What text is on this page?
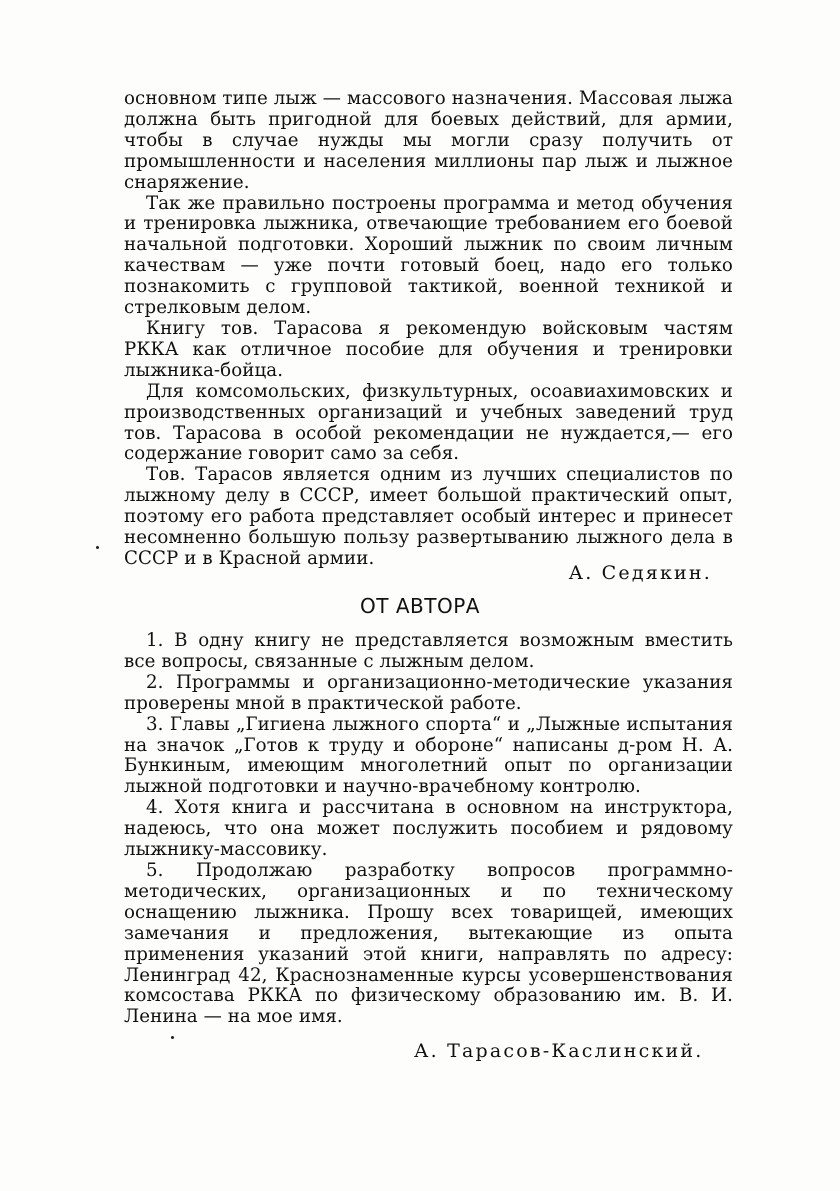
основном типе лыж — массового назначения. Массовая лыжа должна быть пригодной для боевых действий, для армии, чтобы в случае нужды мы могли сразу получить от промышленности и населения миллионы пар лыж и лыжное снаряжение.

Так же правильно построены программа и метод обучения и тренировка лыжника, отвечающие требованием его боевой начальной подготовки. Хороший лыжник по своим личным качествам — уже почти готовый боец, надо его только познакомить с групповой тактикой, военной техникой и стрелковым делом.

Книгу тов. Тарасова я рекомендую войсковым частям РККА как отличное пособие для обучения и тренировки лыжника-бойца.

Для комсомольских, физкультурных, осоавиахимовских и производственных организаций и учебных заведений труд тов. Тарасова в особой рекомендации не нуждается,— его содержание говорит само за себя.

Тов. Тарасов является одним из лучших специалистов по лыжному делу в СССР, имеет большой практический опыт, поэтому его работа представляет особый интерес и принесет несомненно большую пользу развертыванию лыжного дела в СССР и в Красной армии.

А. Седякин.
ОТ АВТОРА

1. В одну книгу не представляется возможным вместить все вопросы, связанные с лыжным делом.

2. Программы и организационно-методические указания проверены мной в практической работе.

3. Главы „Гигиена лыжного спорта“ и „Лыжные испытания на значок „Готов к труду и обороне“ написаны д-ром Н. А. Бункиным, имеющим многолетний опыт по организации лыжной подготовки и научно-врачебному контролю.

4. Хотя книга и рассчитана в основном на инструктора, надеюсь, что она может послужить пособием и рядовому лыжнику-массовику.

5. Продолжаю разработку вопросов программно-методических, организационных и по техническому оснащению лыжника. Прошу всех товарищей, имеющих замечания и предложения, вытекающие из опыта применения указаний этой книги, направлять по адресу: Ленинград 42, Краснознаменные курсы усовершенствования комсостава РККА по физическому образованию им. В. И. Ленина — на мое имя.

А. Тарасов-Каслинский.
